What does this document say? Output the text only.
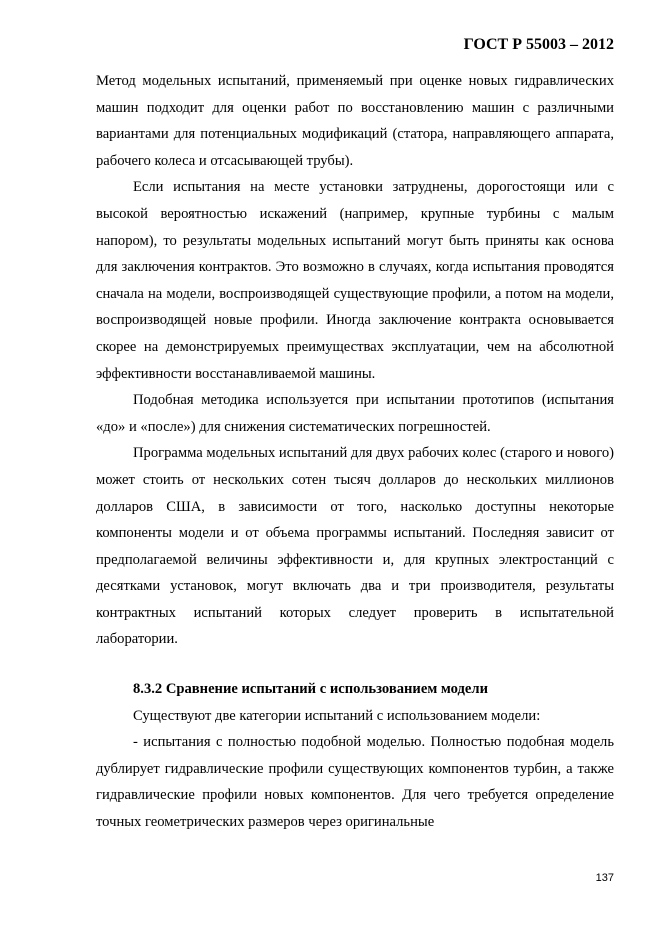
ГОСТ Р 55003 – 2012

Метод модельных испытаний, применяемый при оценке новых гидравлических машин подходит для оценки работ по восстановлению машин с различными вариантами для потенциальных модификаций (статора, направляющего аппарата, рабочего колеса и отсасывающей трубы).

Если испытания на месте установки затруднены, дорогостоящи или с высокой вероятностью искажений (например, крупные турбины с малым напором), то результаты модельных испытаний могут быть приняты как основа для заключения контрактов. Это возможно в случаях, когда испытания проводятся сначала на модели, воспроизводящей существующие профили, а потом на модели, воспроизводящей новые профили. Иногда заключение контракта основывается скорее на демонстрируемых преимуществах эксплуатации, чем на абсолютной эффективности восстанавливаемой машины.

Подобная методика используется при испытании прототипов (испытания «до» и «после») для снижения систематических погрешностей.

Программа модельных испытаний для двух рабочих колес (старого и нового) может стоить от нескольких сотен тысяч долларов до нескольких миллионов долларов США, в зависимости от того, насколько доступны некоторые компоненты модели и от объема программы испытаний. Последняя зависит от предполагаемой величины эффективности и, для крупных электростанций с десятками установок, могут включать два и три производителя, результаты контрактных испытаний которых следует проверить в испытательной лаборатории.

8.3.2 Сравнение испытаний с использованием модели

Существуют две категории испытаний с использованием модели:

- испытания с полностью подобной моделью. Полностью подобная модель дублирует гидравлические профили существующих компонентов турбин, а также гидравлические профили новых компонентов. Для чего требуется определение точных геометрических размеров через оригинальные

137
